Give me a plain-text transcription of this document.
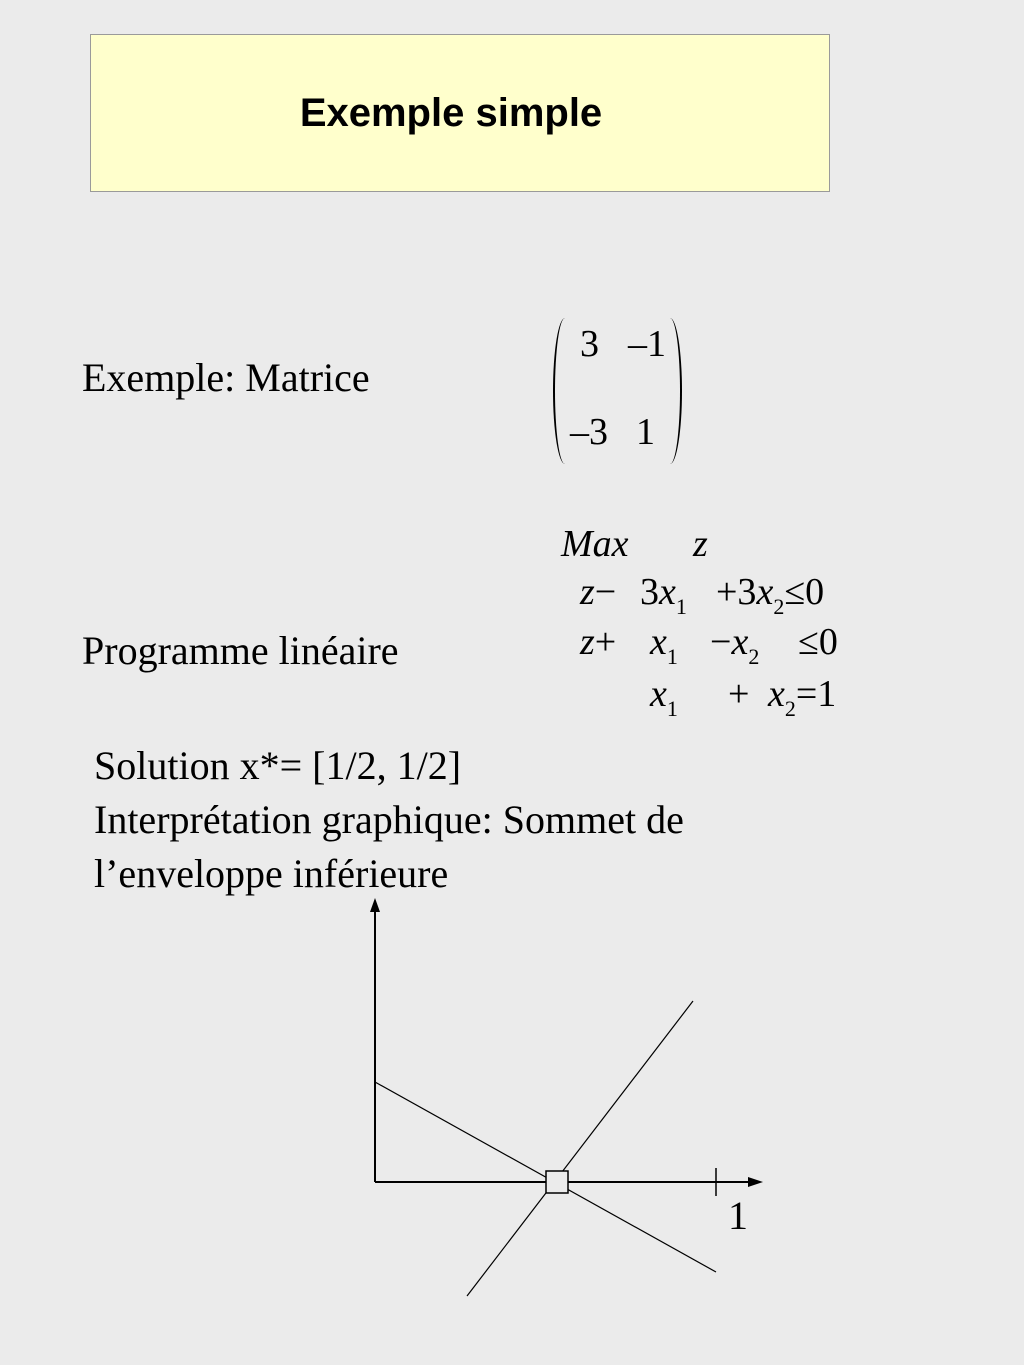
Exemple simple
Exemple: Matrice
3 –1
–3 1
Programme linéaire
Max z
$z- 3x_1 +3x_2\le 0$
$z+ x_1 -x_2 \le 0$
$x_1 + x_2=1$
Solution x*= [1/2, 1/2]
Interprétation graphique: Sommet de
l’enveloppe inférieure
1
